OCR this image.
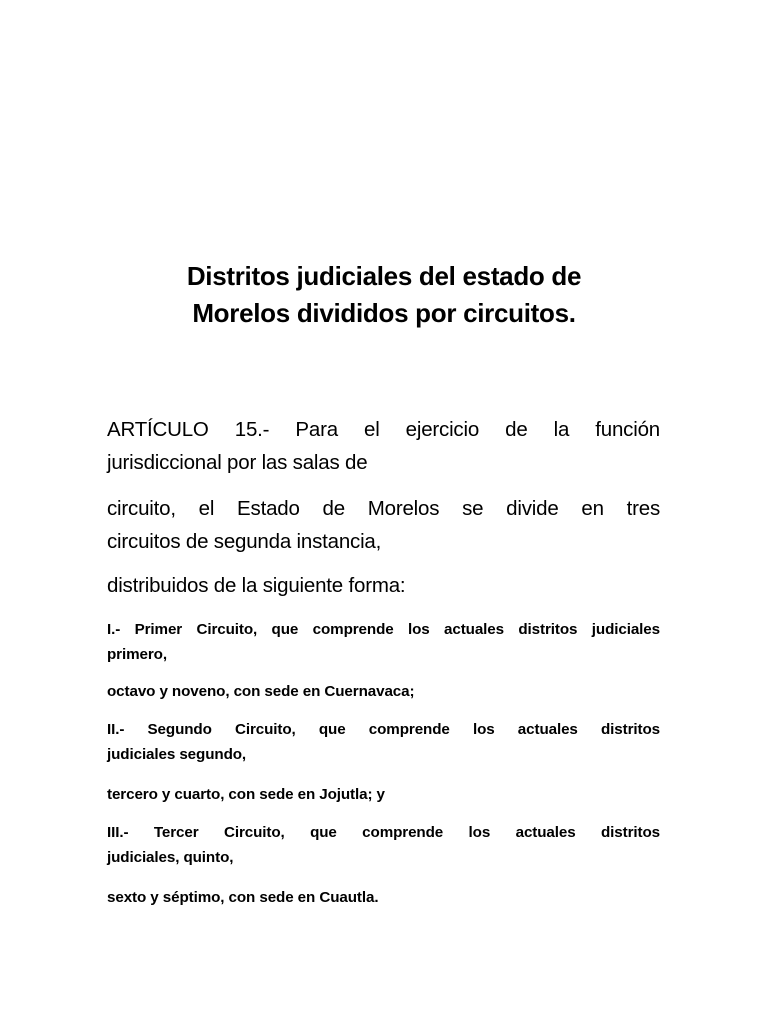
Distritos judiciales del estado de
Morelos divididos por circuitos.

ARTÍCULO 15.- Para el ejercicio de la función
jurisdiccional por las salas de

circuito, el Estado de Morelos se divide en tres
circuitos de segunda instancia,

distribuidos de la siguiente forma:

I.- Primer Circuito, que comprende los actuales distritos judiciales
primero,

octavo y noveno, con sede en Cuernavaca;

II.- Segundo Circuito, que comprende los actuales distritos
judiciales segundo,

tercero y cuarto, con sede en Jojutla; y

III.- Tercer Circuito, que comprende los actuales distritos
judiciales, quinto,

sexto y séptimo, con sede en Cuautla.
